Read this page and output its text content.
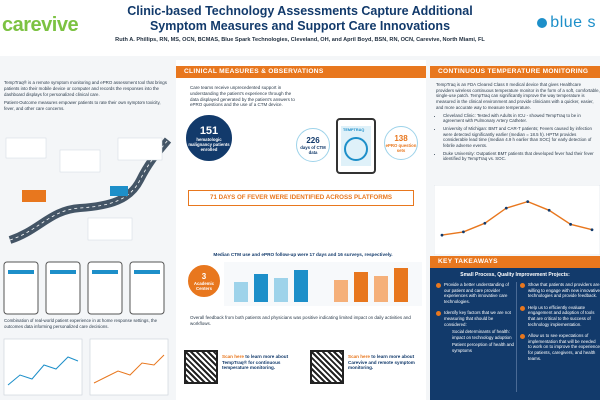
carevive
Clinic-based Technology Assessments Capture Additional Symptom Measures and Support Care Innovations
Ruth A. Phillips, RN, MS, OCN, BCMAS, Blue Spark Technologies, Cleveland, OH, and April Boyd, BSN, RN, OCN, Carevive, North Miami, FL
blue s

TempTraq® is a remote symptom monitoring and ePRO assessment tool that brings patients into their mobile device or computer and records the responses into the dashboard displays for personalized clinical care.

Patient-Outcome measures empower patients to rate their own symptom toxicity, fever, and other care concerns.

Combination of real-world patient experience in at home response settings, the outcomes data informing personalized care decisions.
CLINICAL MEASURES & OBSERVATIONS
Care teams receive unprecedented support in understanding the patient's experience through the data displayed generated by the patient's answers to ePRO questions and the use of a CTM device.
151
hematologic malignancy patients enrolled
226
days of CTM data
TEMPTRAQ
138
ePRO question sets
71 DAYS OF FEVER WERE IDENTIFIED ACROSS PLATFORMS
Median CTM use and ePRO follow-up were 17 days and 16 surveys, respectively.
3
Academic Centers
Overall feedback from both patients and physicians was positive indicating limited impact on daily activities and workflows.
Scan here to learn more about TempTraq® for continuous temperature monitoring.
Scan here to learn more about Carevive and remote symptom monitoring.
CONTINUOUS TEMPERATURE MONITORING

TempTraq is an FDA Cleared Class II medical device that gives Healthcare providers wireless continuous temperature monitor in the form of a soft, comfortable, single-use patch. TempTraq can significantly improve the way temperature is measured in the clinical environment and provide clinicians with a quicker, easier, and more accurate way to measure temperature.

• Cleveland Clinic: Tested with Adults in ICU - showed TempTraq to be in agreement with Pulmonary Artery Catheter.
• University of Michigan: BMT and CAR-T patients; Fevers caused by infection were detected significantly earlier (median = 18.5 h). HPTM provides considerable lead time (median 4.9 h earlier than SOC) for early detection of febrile adverse events.
• Duke University: Outpatient BMT patients that developed fever had their fever identified by TempTraq vs. SOC.
KEY TAKEAWAYS
Small Process, Quality Improvement Projects:
Provide a better understanding of our patient and care provider experiences with innovative care technologies.
Identify key factors that we are not measuring that should be considered:
Social determinants of health: impact on technology adoption
Patient perception of health and symptoms
Show that patients and providers are willing to engage with new innovative technologies and provide feedback.
Help us to efficiently evaluate engagement and adoption of tools that are critical to the success of technology implementation.
Allow us to see expectations of implementation that will be needed to work on to improve the experience for patients, caregivers, and health teams.
